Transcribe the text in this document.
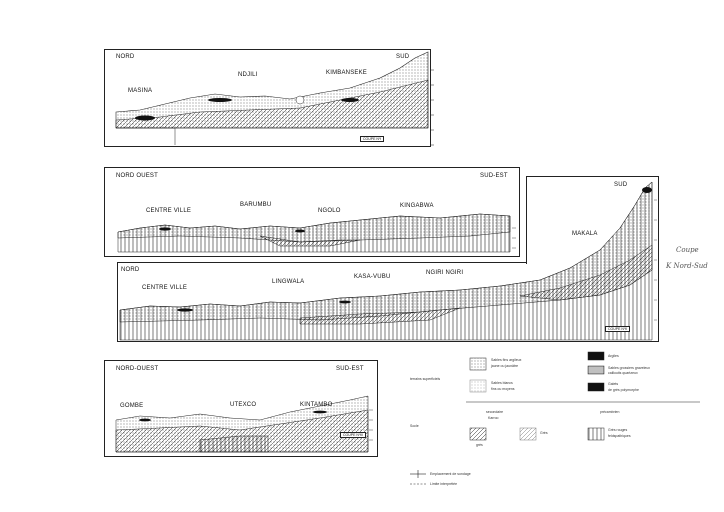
NORD	SUD
MASINA
NDJILI	KIMBANSEKE
COUPE NºI
NORD OUEST	SUD-EST
CENTRE VILLE
BARUMBU
NGOLO
KINGABWA
NORD
SUD
CENTRE VILLE
LINGWALA
KASA-VUBU
NGIRI NGIRI
MAKALA
COUPE NºII
Coupe
K Nord-Sud
NORD-OUEST	SUD-EST
GOMBE	UTEXCO	KINTAMBO
COUPE NºIII
terrains superficiels
Sables fins argileux
jaune ou jaunâtre
Sables blancs
fins ou moyens
Argiles
Sables grossiers graveleux
cailloutis quartzeux
Galets
de grès polymorphe
secondaire
Karroo
précambrien
Socle
grès
Grès
Grès rouges
feldspathiques
Emplacement de sondage
Limite interprétée
